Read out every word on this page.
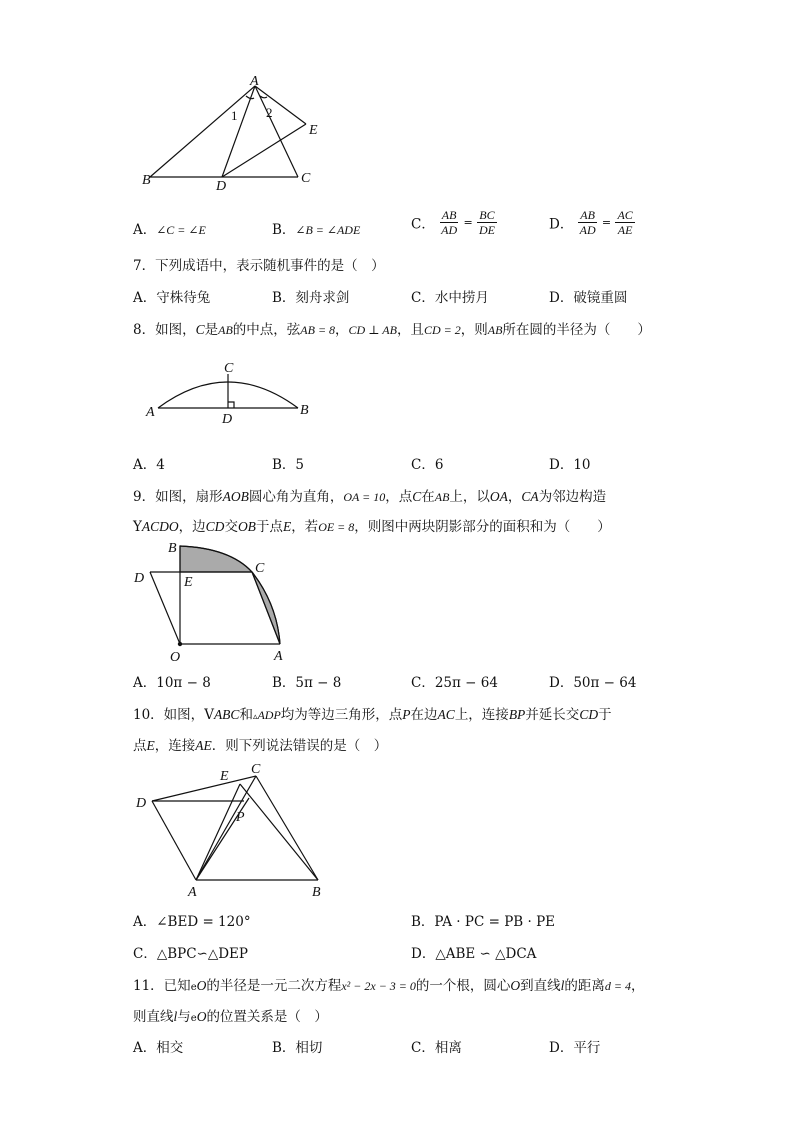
A
B	C
D
E
1 2
A．∠C = ∠E	B．∠B = ∠ADE	C． $\frac{AB}{AD} = \frac{BC}{DE}$	D． $\frac{AB}{AD} = \frac{AC}{AE}$
7．下列成语中，表示随机事件的是（　）
A．守株待兔	B．刻舟求剑	C．水中捞月	D．破镜重圆
8．如图，C是AB的中点，弦AB = 8，CD ⊥ AB，且CD = 2，则AB所在圆的半径为（　　）
A	B
C
D
A．4	B．5	C．6	D．10
9．如图，扇形AOB圆心角为直角，OA = 10，点C在AB上，以OA，CA为邻边构造
YACDO，边CD交OB于点E，若OE = 8，则图中两块阴影部分的面积和为（　　）
B
C
D	E
O	A
A．10π − 8	B．5π − 8	C．25π − 64	D．50π − 64
10．如图，VABC和▵ADP均为等边三角形，点P在边AC上，连接BP并延长交CD于
点E，连接AE．则下列说法错误的是（　）
A	B
C
D
E
P
A．∠BED = 120°	B．PA · PC = PB · PE
C．△BPC∽△DEP	D．△ABE ∽ △DCA
11．已知eO的半径是一元二次方程x² − 2x − 3 = 0的一个根，圆心O到直线l的距离d = 4，
则直线l与eO的位置关系是（　）
A．相交	B．相切	C．相离	D．平行
